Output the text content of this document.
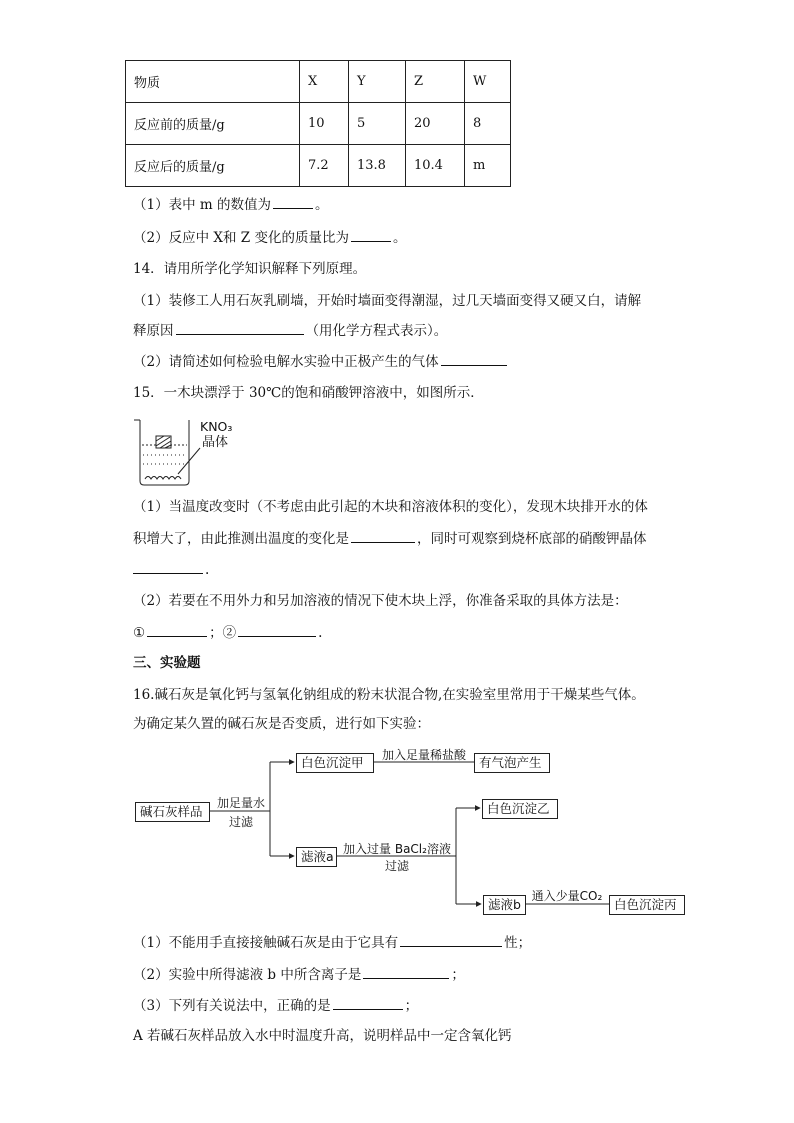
物质	X	Y	Z	W
反应前的质量/g	10	5	20	8
反应后的质量/g	7.2	13.8	10.4	m
（1）表中 m 的数值为	。
（2）反应中 X和 Z 变化的质量比为	。
14．请用所学化学知识解释下列原理。
（1）装修工人用石灰乳刷墙，开始时墙面变得潮湿，过几天墙面变得又硬又白，请解
释原因	（用化学方程式表示）。
（2）请简述如何检验电解水实验中正极产生的气体
15．一木块漂浮于 30℃的饱和硝酸钾溶液中，如图所示．
KNO₃
晶体
（1）当温度改变时（不考虑由此引起的木块和溶液体积的变化），发现木块排开水的体
积增大了，由此推测出温度的变化是	，同时可观察到烧杯底部的硝酸钾晶体
.
（2）若要在不用外力和另加溶液的情况下使木块上浮，你准备采取的具体方法是：
①	；②	.
三、实验题
16.碱石灰是氧化钙与氢氧化钠组成的粉末状混合物,在实验室里常用于干燥某些气体。
为确定某久置的碱石灰是否变质，进行如下实验：
碱石灰样品
加足量水
过滤
白色沉淀甲	加入足量稀盐酸	有气泡产生
滤液a 加入过量 BaCl₂溶液
过滤
白色沉淀乙
滤液b
通入少量CO₂
白色沉淀丙
（1）不能用手直接接触碱石灰是由于它具有	性；
（2）实验中所得滤液 b 中所含离子是	；
（3）下列有关说法中，正确的是	；
A 若碱石灰样品放入水中时温度升高，说明样品中一定含氧化钙
